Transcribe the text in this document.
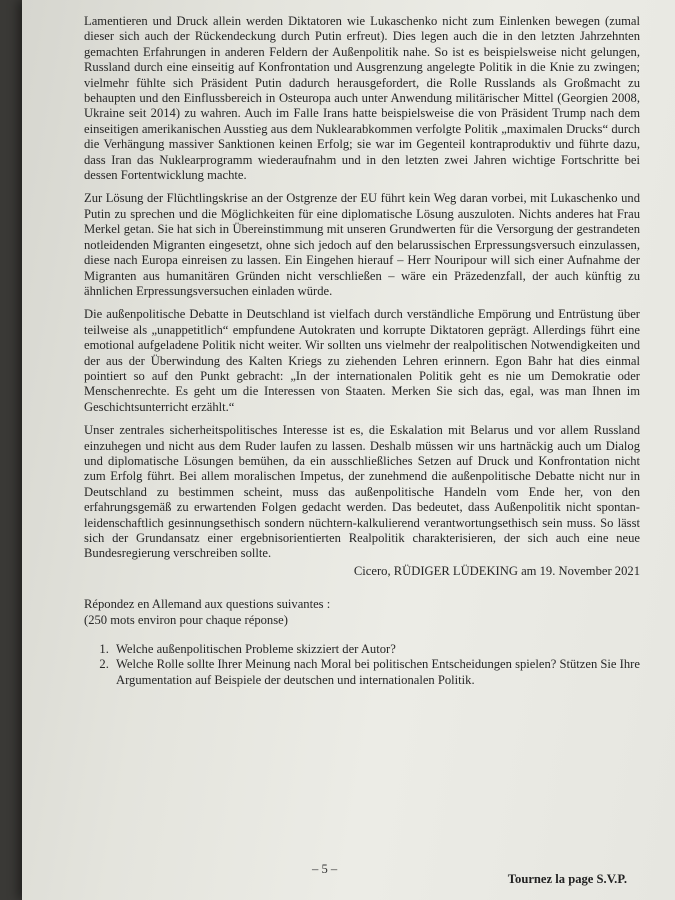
Lamentieren und Druck allein werden Diktatoren wie Lukaschenko nicht zum Einlenken bewegen (zumal dieser sich auch der Rückendeckung durch Putin erfreut). Dies legen auch die in den letzten Jahrzehnten gemachten Erfahrungen in anderen Feldern der Außenpolitik nahe. So ist es beispielsweise nicht gelungen, Russland durch eine einseitig auf Konfrontation und Ausgrenzung angelegte Politik in die Knie zu zwingen; vielmehr fühlte sich Präsident Putin dadurch herausgefordert, die Rolle Russlands als Großmacht zu behaupten und den Einflussbereich in Osteuropa auch unter Anwendung militärischer Mittel (Georgien 2008, Ukraine seit 2014) zu wahren. Auch im Falle Irans hatte beispielsweise die von Präsident Trump nach dem einseitigen amerikanischen Ausstieg aus dem Nuklearabkommen verfolgte Politik „maximalen Drucks“ durch die Verhängung massiver Sanktionen keinen Erfolg; sie war im Gegenteil kontraproduktiv und führte dazu, dass Iran das Nuklearprogramm wiederaufnahm und in den letzten zwei Jahren wichtige Fortschritte bei dessen Fortentwicklung machte.

Zur Lösung der Flüchtlingskrise an der Ostgrenze der EU führt kein Weg daran vorbei, mit Lukaschenko und Putin zu sprechen und die Möglichkeiten für eine diplomatische Lösung auszuloten. Nichts anderes hat Frau Merkel getan. Sie hat sich in Übereinstimmung mit unseren Grundwerten für die Versorgung der gestrandeten notleidenden Migranten eingesetzt, ohne sich jedoch auf den belarussischen Erpressungsversuch einzulassen, diese nach Europa einreisen zu lassen. Ein Eingehen hierauf – Herr Nouripour will sich einer Aufnahme der Migranten aus humanitären Gründen nicht verschließen – wäre ein Präzedenzfall, der auch künftig zu ähnlichen Erpressungsversuchen einladen würde.

Die außenpolitische Debatte in Deutschland ist vielfach durch verständliche Empörung und Entrüstung über teilweise als „unappetitlich“ empfundene Autokraten und korrupte Diktatoren geprägt. Allerdings führt eine emotional aufgeladene Politik nicht weiter. Wir sollten uns vielmehr der realpolitischen Notwendigkeiten und der aus der Überwindung des Kalten Kriegs zu ziehenden Lehren erinnern. Egon Bahr hat dies einmal pointiert so auf den Punkt gebracht: „In der internationalen Politik geht es nie um Demokratie oder Menschenrechte. Es geht um die Interessen von Staaten. Merken Sie sich das, egal, was man Ihnen im Geschichtsunterricht erzählt.“

Unser zentrales sicherheitspolitisches Interesse ist es, die Eskalation mit Belarus und vor allem Russland einzuhegen und nicht aus dem Ruder laufen zu lassen. Deshalb müssen wir uns hartnäckig auch um Dialog und diplomatische Lösungen bemühen, da ein ausschließliches Setzen auf Druck und Konfrontation nicht zum Erfolg führt. Bei allem moralischen Impetus, der zunehmend die außenpolitische Debatte nicht nur in Deutschland zu bestimmen scheint, muss das außenpolitische Handeln vom Ende her, von den erfahrungsgemäß zu erwartenden Folgen gedacht werden. Das bedeutet, dass Außenpolitik nicht spontan-leidenschaftlich gesinnungsethisch sondern nüchtern-kalkulierend verantwortungsethisch sein muss. So lässt sich der Grundansatz einer ergebnisorientierten Realpolitik charakterisieren, der sich auch eine neue Bundesregierung verschreiben sollte.

Cicero, RÜDIGER LÜDEKING am 19. November 2021
Répondez en Allemand aux questions suivantes :
(250 mots environ pour chaque réponse)
1. Welche außenpolitischen Probleme skizziert der Autor?
2. Welche Rolle sollte Ihrer Meinung nach Moral bei politischen Entscheidungen spielen? Stützen Sie Ihre Argumentation auf Beispiele der deutschen und internationalen Politik.
– 5 –
Tournez la page S.V.P.
